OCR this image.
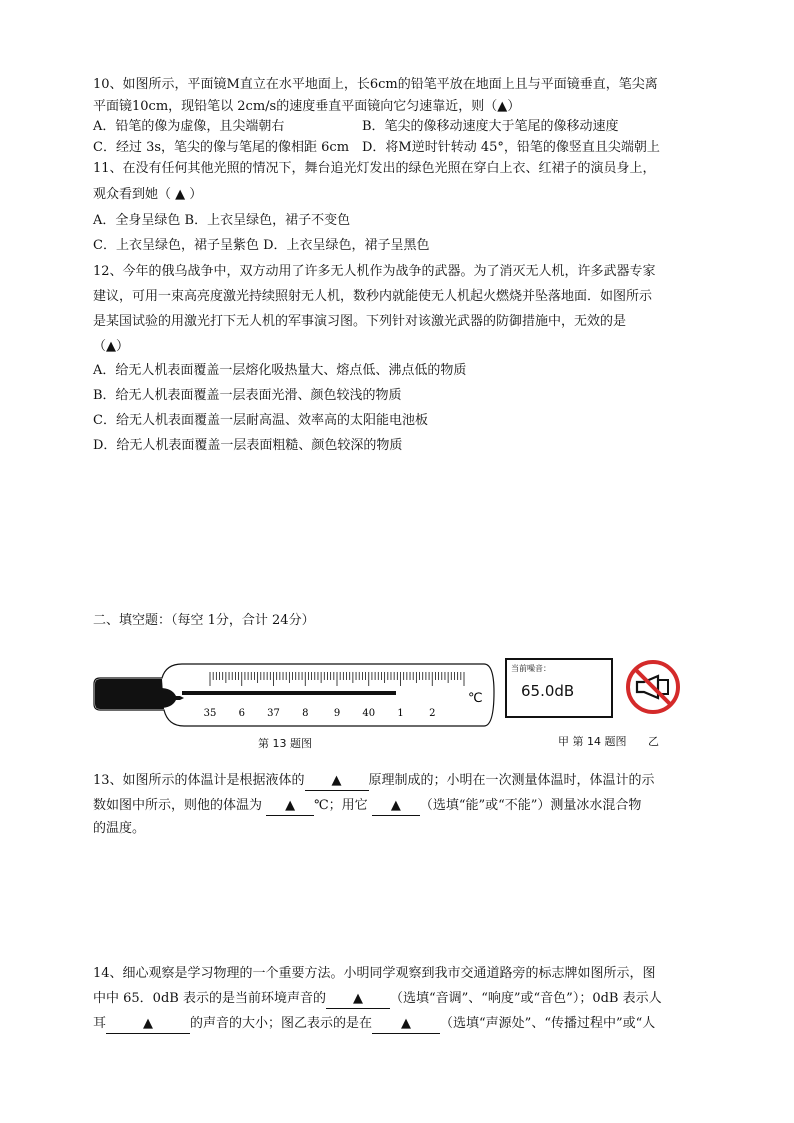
10、如图所示，平面镜M直立在水平地面上，长6cm的铅笔平放在地面上且与平面镜垂直，笔尖离
平面镜10cm，现铅笔以 2cm/s的速度垂直平面镜向它匀速靠近，则（▲）
A．铅笔的像为虚像，且尖端朝右	B．笔尖的像移动速度大于笔尾的像移动速度
C．经过 3s，笔尖的像与笔尾的像相距 6cm D．将M逆时针转动 45°，铅笔的像竖直且尖端朝上
11、在没有任何其他光照的情况下，舞台追光灯发出的绿色光照在穿白上衣、红裙子的演员身上，
观众看到她（ ▲ ）
A．全身呈绿色 B．上衣呈绿色，裙子不变色
C．上衣呈绿色，裙子呈紫色 D．上衣呈绿色，裙子呈黑色
12、今年的俄乌战争中，双方动用了许多无人机作为战争的武器。为了消灭无人机，许多武器专家
建议，可用一束高亮度激光持续照射无人机，数秒内就能使无人机起火燃烧并坠落地面．如图所示
是某国试验的用激光打下无人机的军事演习图。下列针对该激光武器的防御措施中，无效的是
（▲）
A．给无人机表面覆盖一层熔化吸热量大、熔点低、沸点低的物质
B．给无人机表面覆盖一层表面光滑、颜色较浅的物质
C．给无人机表面覆盖一层耐高温、效率高的太阳能电池板
D．给无人机表面覆盖一层表面粗糙、颜色较深的物质
二、填空题：（每空 1分，合计 24分）
℃
35 6 37 8	9 40 1	2
第 13 题图
当前噪音：
65.0dB
甲 第 14 题图 乙
13、如图所示的体温计是根据液体的 ▲ 原理制成的；小明在一次测量体温时，体温计的示
数如图中所示，则他的体温为 ▲ ℃；用它 ▲ （选填“能”或“不能”）测量冰水混合物
的温度。
14、细心观察是学习物理的一个重要方法。小明同学观察到我市交通道路旁的标志牌如图所示，图
中中 65．0dB 表示的是当前环境声音的 ▲ （选填“音调”、“响度”或“音色”）；0dB 表示人
耳	▲	的声音的大小；图乙表示的是在 ▲ （选填“声源处”、“传播过程中”或“人
